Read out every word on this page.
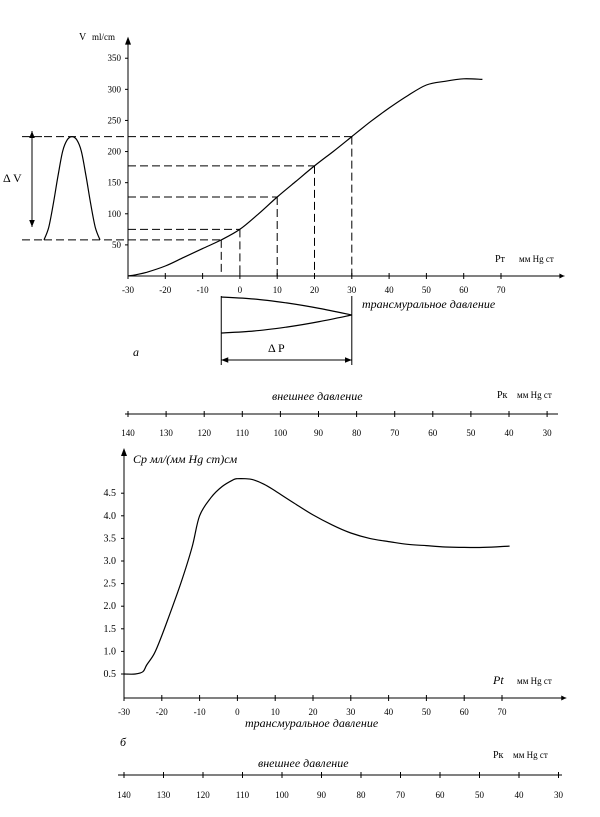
-30	-20	-10	0	10	20	30	40	50	60	70
50
100
150
200
250
300
350
V ml/cm
Pт мм Hg ст
трансмуральное давление
а
Δ V
Δ P
внешнее давление	Pк мм Hg ст
140	130	120	110	100	90	80	70	60	50	40	30
-30	-20	-10	0	10	20	30	40	50	60	70
0.5
1.0
1.5
2.0
2.5
3.0
3.5
4.0
4.5
Ср мл/(мм Hg ст)см
Pt мм Hg ст
трансмуральное давление
б
внешнее давление
Pк мм Hg ст
140	130	120	110	100	90	80	70	60	50	40	30
